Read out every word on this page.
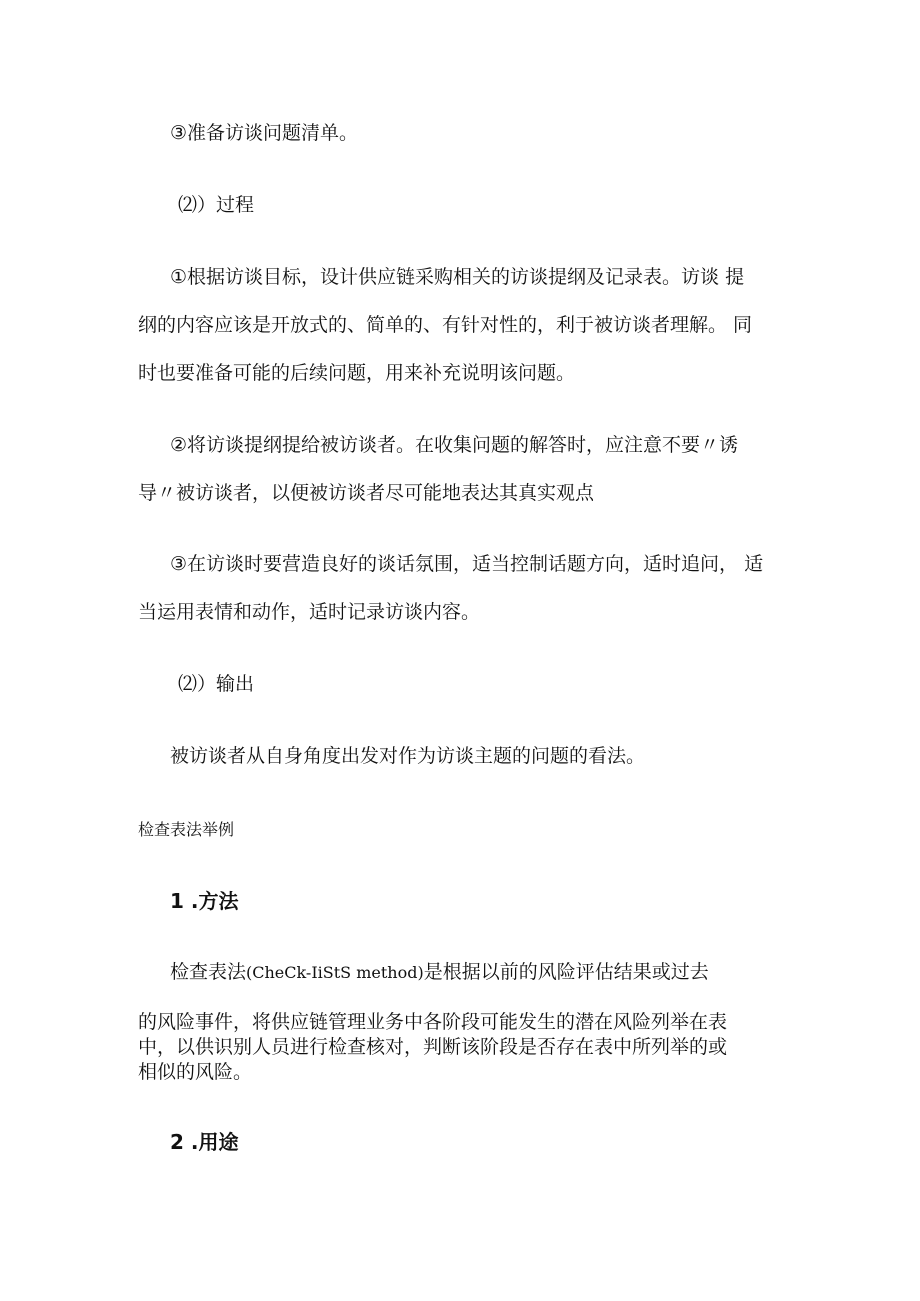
③准备访谈问题清单。

⑵）过程

①根据访谈目标，设计供应链采购相关的访谈提纲及记录表。访谈 提

纲的内容应该是开放式的、简单的、有针对性的，利于被访谈者理解。 同

时也要准备可能的后续问题，用来补充说明该问题。

②将访谈提纲提给被访谈者。在收集问题的解答时，应注意不要〃诱

导〃被访谈者，以便被访谈者尽可能地表达其真实观点

③在访谈时要营造良好的谈话氛围，适当控制话题方向，适时追问， 适

当运用表情和动作，适时记录访谈内容。

⑵）输出

被访谈者从自身角度出发对作为访谈主题的问题的看法。

检查表法举例

1 .方法

检查表法(CheCk-IiStS method)是根据以前的风险评估结果或过去

的风险事件，将供应链管理业务中各阶段可能发生的潜在风险列举在表

中，以供识别人员进行检查核对，判断该阶段是否存在表中所列举的或

相似的风险。

2 .用途
